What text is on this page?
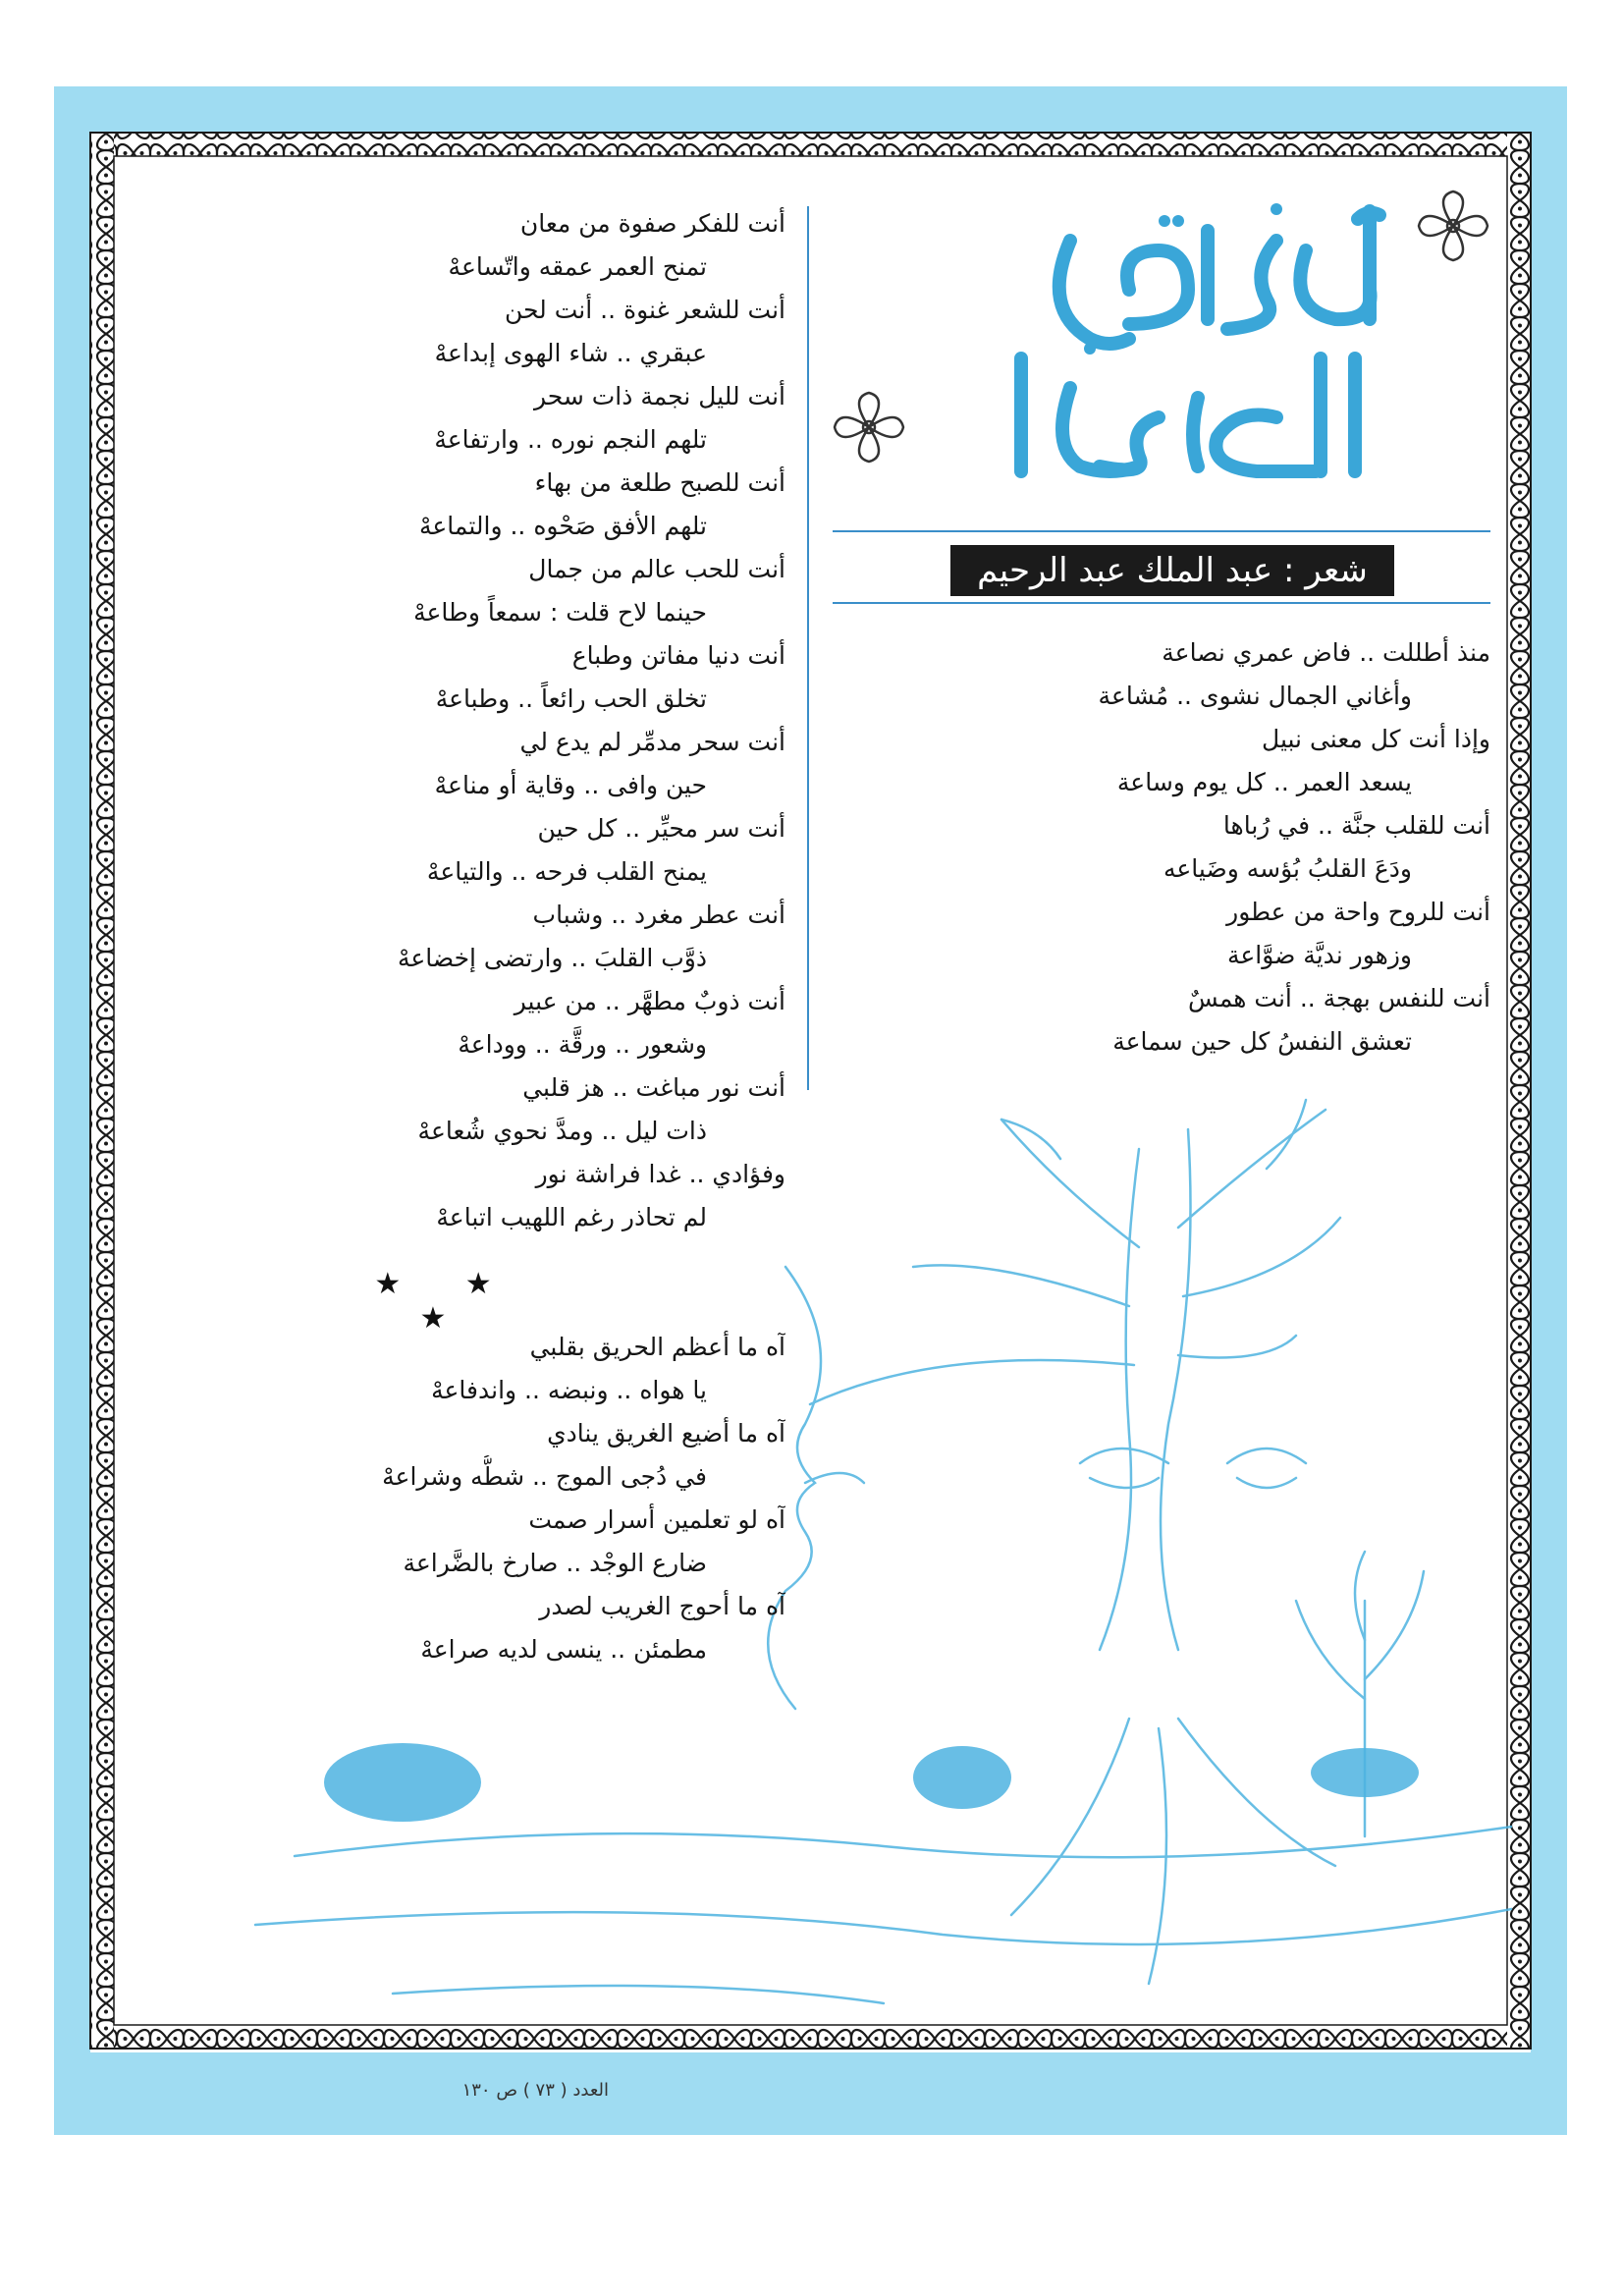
شعر : عبد الملك عبد الرحيم
منذ أطللت .. فاض عمري نصاعة
وأغاني الجمال نشوى .. مُشاعة
وإذا أنت كل معنى نبيل
يسعد العمر .. كل يوم وساعة
أنت للقلب جنَّة .. في رُباها
ودَعَ القلبُ بُؤسه وضَياعه
أنت للروح واحة من عطور
وزهور نديَّة ضوَّاعة
أنت للنفس بهجة .. أنت همسٌ
تعشق النفسُ كل حين سماعة
أنت للفكر صفوة من معان
تمنح العمر عمقه واتّساعهْ
أنت للشعر غنوة .. أنت لحن
عبقري .. شاء الهوى إبداعهْ
أنت لليل نجمة ذات سحر
تلهم النجم نوره .. وارتفاعهْ
أنت للصبح طلعة من بهاء
تلهم الأفق صَحْوه .. والتماعهْ
أنت للحب عالم من جمال
حينما لاح قلت : سمعاً وطاعهْ
أنت دنيا مفاتن وطباع
تخلق الحب رائعاً .. وطباعهْ
أنت سحر مدمِّر لم يدع لي
حين وافى .. وقاية أو مناعهْ
أنت سر محيِّر .. كل حين
يمنح القلب فرحه .. والتياعهْ
أنت عطر مغرد .. وشباب
ذوَّب القلبَ .. وارتضى إخضاعهْ
أنت ذوبٌ مطهَّر .. من عبير
وشعور .. ورقَّة .. ووداعهْ
أنت نور مباغت .. هز قلبي
ذات ليل .. ومدَّ نحوي شُعاعهْ
وفؤادي .. غدا فراشة نور
لم تحاذر رغم اللهيب اتباعهْ
★ ★ ★
آه ما أعظم الحريق بقلبي
يا هواه .. ونبضه .. واندفاعهْ
آه ما أضيع الغريق ينادي
في دُجى الموج .. شطُّه وشراعهْ
آه لو تعلمين أسرار صمت
ضارع الوجْد .. صارخ بالضَّراعة
آه ما أحوج الغريب لصدر
مطمئن .. ينسى لديه صراعهْ
العدد ( ٧٣ ) ص ١٣٠
